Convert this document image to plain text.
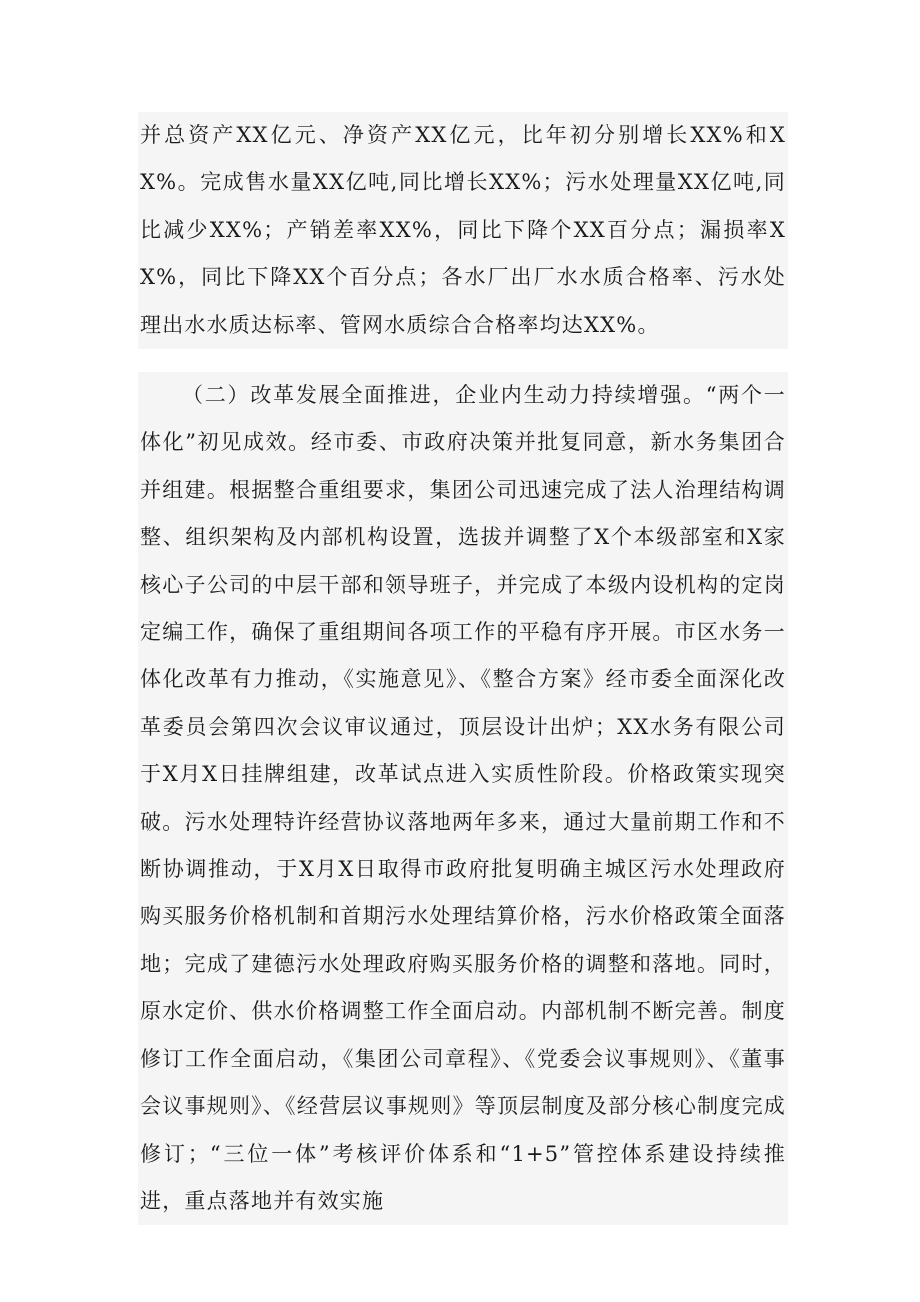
并总资产XX亿元、净资产XX亿元，比年初分别增长XX%和XX%。完成售水量XX亿吨,同比增长XX%；污水处理量XX亿吨,同比减少XX%；产销差率XX%，同比下降个XX百分点；漏损率XX%，同比下降XX个百分点；各水厂出厂水水质合格率、污水处理出水水质达标率、管网水质综合合格率均达XX%。

（二）改革发展全面推进，企业内生动力持续增强。“两个一体化”初见成效。经市委、市政府决策并批复同意，新水务集团合并组建。根据整合重组要求，集团公司迅速完成了法人治理结构调整、组织架构及内部机构设置，选拔并调整了X个本级部室和X家核心子公司的中层干部和领导班子，并完成了本级内设机构的定岗定编工作，确保了重组期间各项工作的平稳有序开展。市区水务一体化改革有力推动，《实施意见》、《整合方案》经市委全面深化改革委员会第四次会议审议通过，顶层设计出炉；XX水务有限公司于X月X日挂牌组建，改革试点进入实质性阶段。价格政策实现突破。污水处理特许经营协议落地两年多来，通过大量前期工作和不断协调推动，于X月X日取得市政府批复明确主城区污水处理政府购买服务价格机制和首期污水处理结算价格，污水价格政策全面落地；完成了建德污水处理政府购买服务价格的调整和落地。同时，原水定价、供水价格调整工作全面启动。内部机制不断完善。制度修订工作全面启动，《集团公司章程》、《党委会议事规则》、《董事会议事规则》、《经营层议事规则》等顶层制度及部分核心制度完成修订；“三位一体”考核评价体系和“1+5”管控体系建设持续推进，重点落地并有效实施
